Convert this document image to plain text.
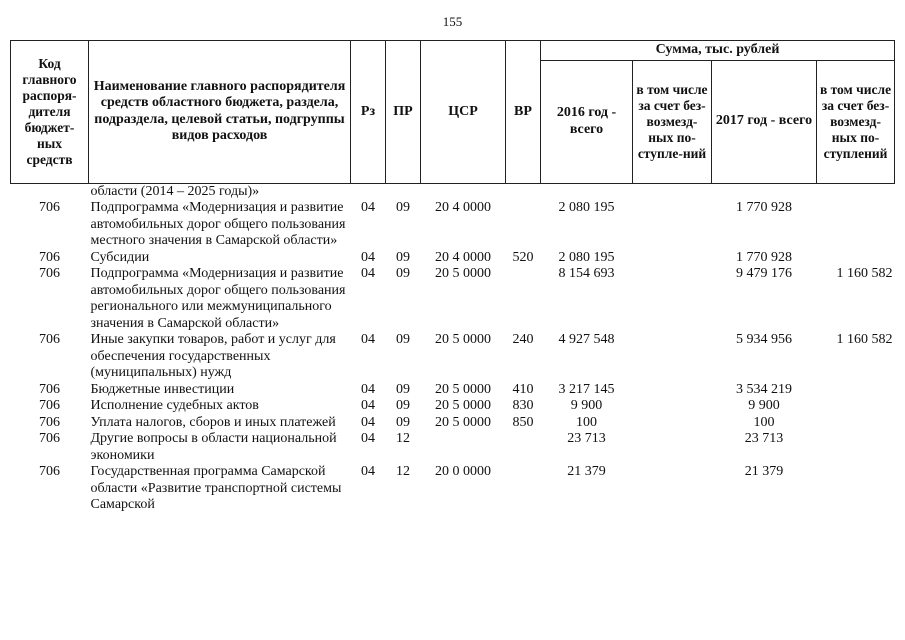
155
Код главного распоря-дителя бюджет-ных средств	Наименование главного распорядителя средств областного бюджета, раздела, подраздела, целевой статьи, подгруппы видов расходов	Рз	ПР	ЦСР	ВР	Сумма, тыс. рублей			
						2016 год - всего	в том числе за счет без-возмезд-ных по-ступле-ний	2017 год - всего	в том числе за счет без-возмезд-ных по-ступлений
	области (2014 – 2025 годы)»								
706	Подпрограмма «Модернизация и развитие автомобильных дорог общего пользования местного значения в Самарской области»	04	09	20 4 0000		2 080 195		1 770 928	
706	Субсидии	04	09	20 4 0000	520	2 080 195		1 770 928	
706	Подпрограмма «Модернизация и развитие автомобильных дорог общего пользования регионального или межмуниципального значения в Самарской области»	04	09	20 5 0000		8 154 693		9 479 176	1 160 582
706	Иные закупки товаров, работ и услуг для обеспечения государственных (муниципальных) нужд	04	09	20 5 0000	240	4 927 548		5 934 956	1 160 582
706	Бюджетные инвестиции	04	09	20 5 0000	410	3 217 145		3 534 219	
706	Исполнение судебных актов	04	09	20 5 0000	830	9 900		9 900	
706	Уплата налогов, сборов и иных платежей	04	09	20 5 0000	850	100		100	
706	Другие вопросы в области национальной экономики	04	12			23 713		23 713	
706	Государственная программа Самарской области «Развитие транспортной системы Самарской	04	12	20 0 0000		21 379		21 379	
